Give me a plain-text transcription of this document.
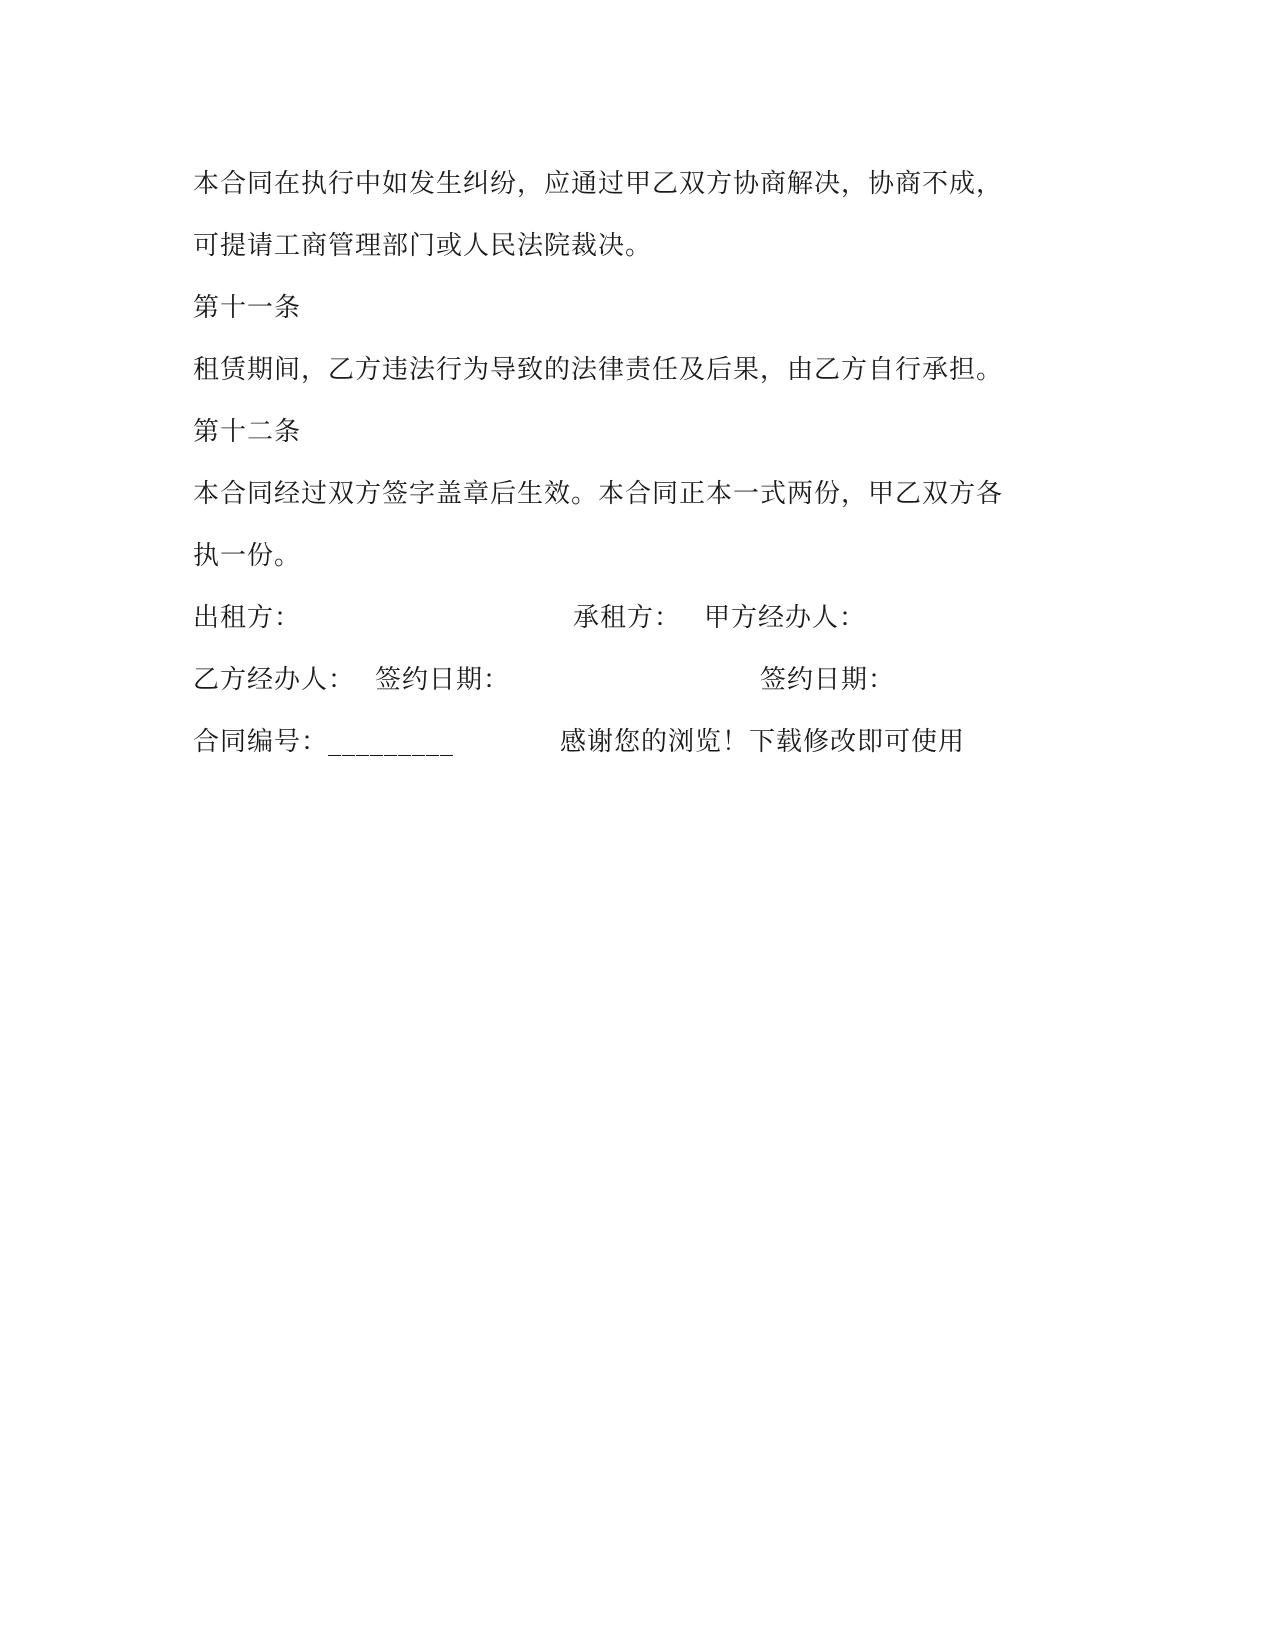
本合同在执行中如发生纠纷，应通过甲乙双方协商解决，协商不成，
可提请工商管理部门或人民法院裁决。
第十一条
租赁期间，乙方违法行为导致的法律责任及后果，由乙方自行承担。
第十二条
本合同经过双方签字盖章后生效。本合同正本一式两份，甲乙双方各
执一份。
出租方：	承租方： 甲方经办人：
乙方经办人： 签约日期：	签约日期：
合同编号：_________	感谢您的浏览！下载修改即可使用
